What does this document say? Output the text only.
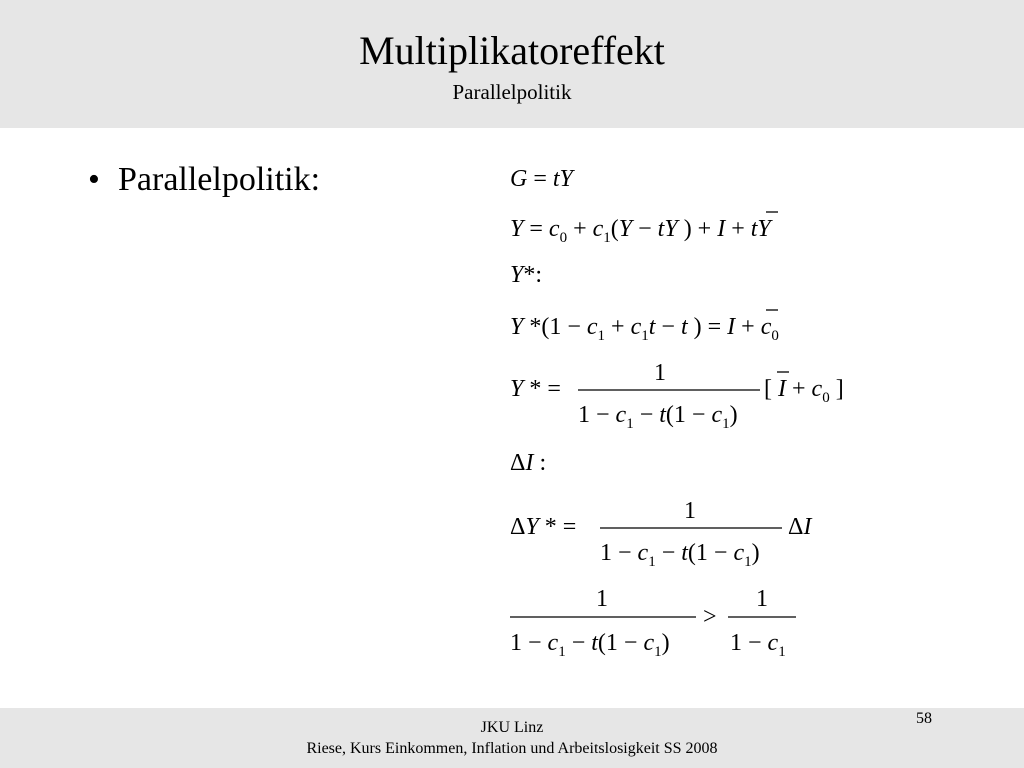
Multiplikatoreffekt
Parallelpolitik
• Parallelpolitik:	G = tY
$Y = c_0 + c_1(Y$ − tY ) + I + tY
Y*:
Y $*(1 - c_1 + c_1t - t$ ) = $I + c_0$
Y * =
1
$1 - c_1 - t(1 - c_1)$
[ $I + c_0$ ]
ΔI :
ΔY * =
1
$1 - c_1 - t(1 - c_1)$
ΔI
1
$1 - c_1 - t(1 - c_1)$
>
1
$1 - c_1$
58
JKU Linz
Riese, Kurs Einkommen, Inflation und Arbeitslosigkeit SS 2008
